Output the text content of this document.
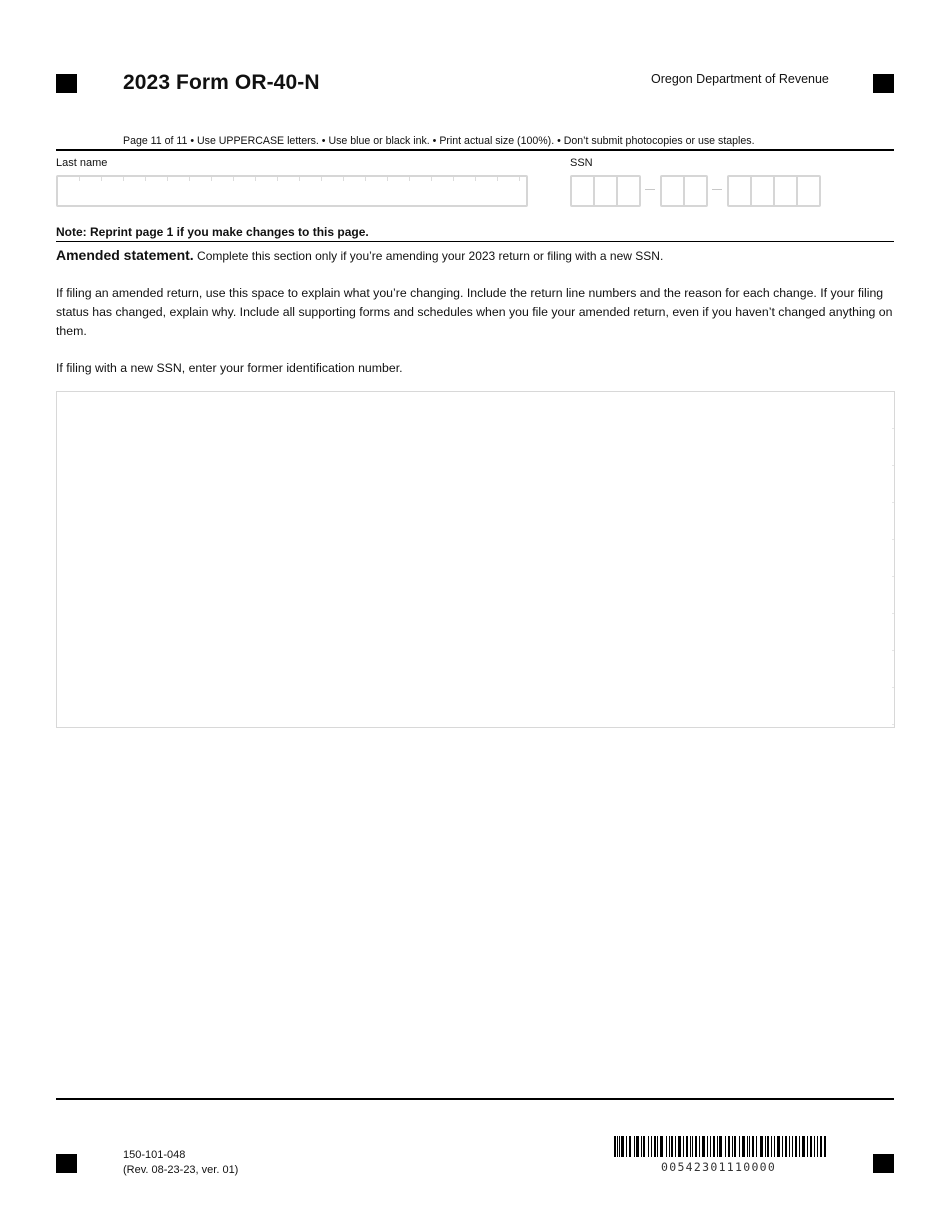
2023 Form OR-40-N	Oregon Department of Revenue
Page 11 of 11 • Use UPPERCASE letters. • Use blue or black ink. • Print actual size (100%). • Don’t submit photocopies or use staples.
Last name	SSN
Note: Reprint page 1 if you make changes to this page.
Amended statement. Complete this section only if you’re amending your 2023 return or filing with a new SSN.
If filing an amended return, use this space to explain what you’re changing. Include the return line numbers and the reason for each change. If your filing status has changed, explain why. Include all supporting forms and schedules when you file your amended return, even if you haven’t changed anything on them.
If filing with a new SSN, enter your former identification number.
150-101-048
(Rev. 08-23-23, ver. 01)	00542301110000
